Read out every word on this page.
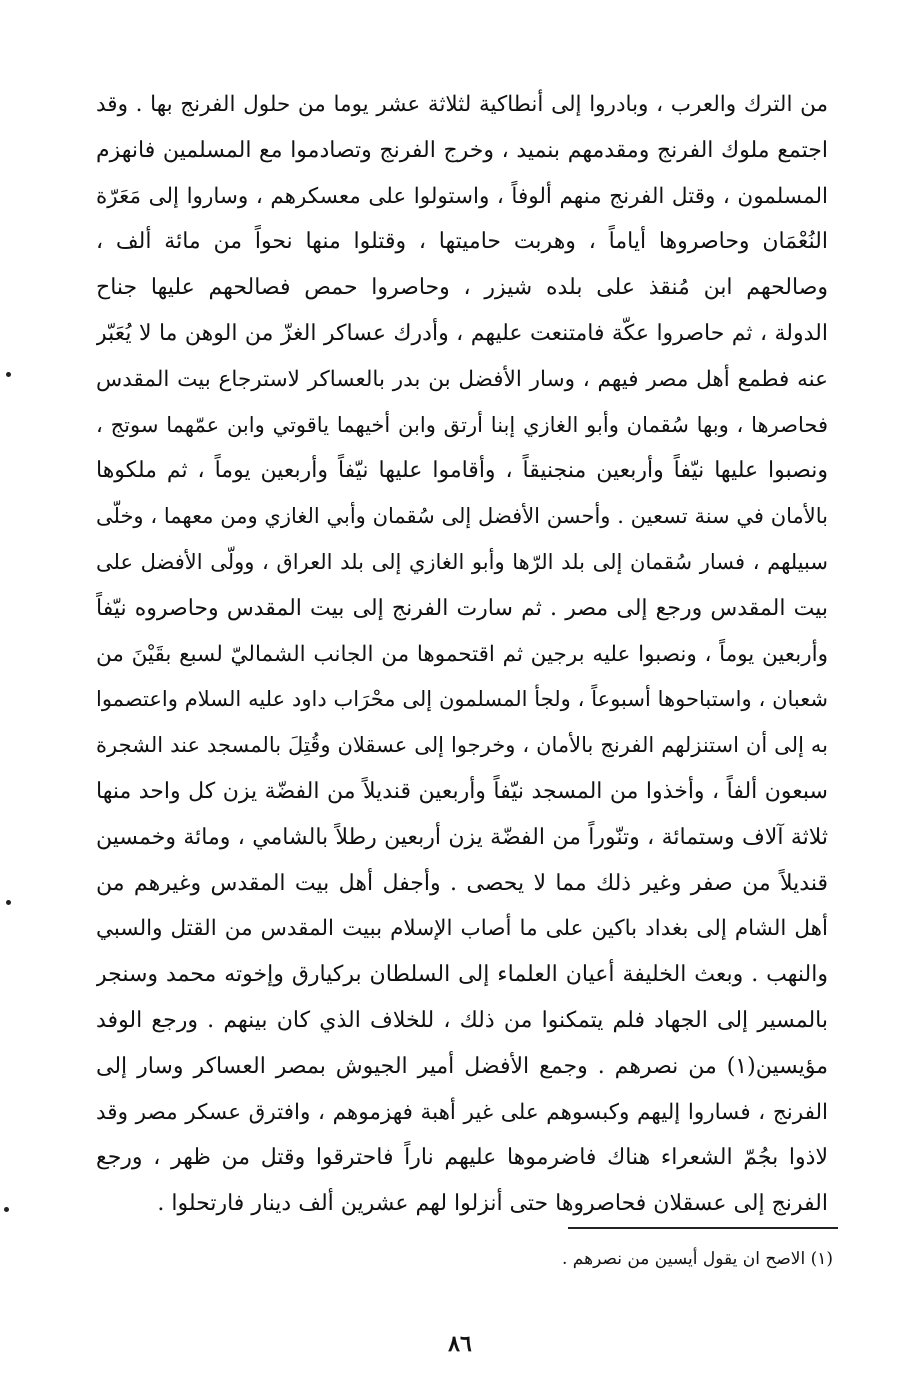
من الترك والعرب ، وبادروا إلى أنطاكية لثلاثة عشر يوما من حلول الفرنج بها . وقد
اجتمع ملوك الفرنج ومقدمهم بنميد ، وخرج الفرنج وتصادموا مع المسلمين فانهزم
المسلمون ، وقتل الفرنج منهم ألوفاً ، واستولوا على معسكرهم ، وساروا إلى مَعَرّة
النُعْمَان وحاصروها أياماً ، وهربت حاميتها ، وقتلوا منها نحواً من مائة ألف ،
وصالحهم ابن مُنقذ على بلده شيزر ، وحاصروا حمص فصالحهم عليها جناح
الدولة ، ثم حاصروا عكّة فامتنعت عليهم ، وأدرك عساكر الغزّ من الوهن ما لا يُعَبّر
عنه فطمع أهل مصر فيهم ، وسار الأفضل بن بدر بالعساكر لاسترجاع بيت المقدس
فحاصرها ، وبها سُقمان وأبو الغازي إبنا أرتق وابن أخيهما ياقوتي وابن عمّهما سوتج ،
ونصبوا عليها نيّفاً وأربعين منجنيقاً ، وأقاموا عليها نيّفاً وأربعين يوماً ، ثم ملكوها
بالأمان في سنة تسعين . وأحسن الأفضل إلى سُقمان وأبي الغازي ومن معهما ، وخلّى
سبيلهم ، فسار سُقمان إلى بلد الرّها وأبو الغازي إلى بلد العراق ، وولّى الأفضل على
بيت المقدس ورجع إلى مصر . ثم سارت الفرنج إلى بيت المقدس وحاصروه نيّفاً
وأربعين يوماً ، ونصبوا عليه برجين ثم اقتحموها من الجانب الشماليّ لسبع بقَيْنَ من
شعبان ، واستباحوها أسبوعاً ، ولجأ المسلمون إلى محْرَاب داود عليه السلام واعتصموا
به إلى أن استنزلهم الفرنج بالأمان ، وخرجوا إلى عسقلان وقُتِلَ بالمسجد عند الشجرة
سبعون ألفاً ، وأخذوا من المسجد نيّفاً وأربعين قنديلاً من الفضّة يزن كل واحد منها
ثلاثة آلاف وستمائة ، وتنّوراً من الفضّة يزن أربعين رطلاً بالشامي ، ومائة وخمسين
قنديلاً من صفر وغير ذلك مما لا يحصى . وأجفل أهل بيت المقدس وغيرهم من
أهل الشام إلى بغداد باكين على ما أصاب الإسلام ببيت المقدس من القتل والسبي
والنهب . وبعث الخليفة أعيان العلماء إلى السلطان بركيارق وإخوته محمد وسنجر
بالمسير إلى الجهاد فلم يتمكنوا من ذلك ، للخلاف الذي كان بينهم . ورجع الوفد
مؤيسين(١) من نصرهم . وجمع الأفضل أمير الجيوش بمصر العساكر وسار إلى
الفرنج ، فساروا إليهم وكبسوهم على غير أهبة فهزموهم ، وافترق عسكر مصر وقد
لاذوا بجُمّ الشعراء هناك فاضرموها عليهم ناراً فاحترقوا وقتل من ظهر ، ورجع
الفرنج إلى عسقلان فحاصروها حتى أنزلوا لهم عشرين ألف دينار فارتحلوا .
(١) الاصح ان يقول أيسين من نصرهم .
٨٦
